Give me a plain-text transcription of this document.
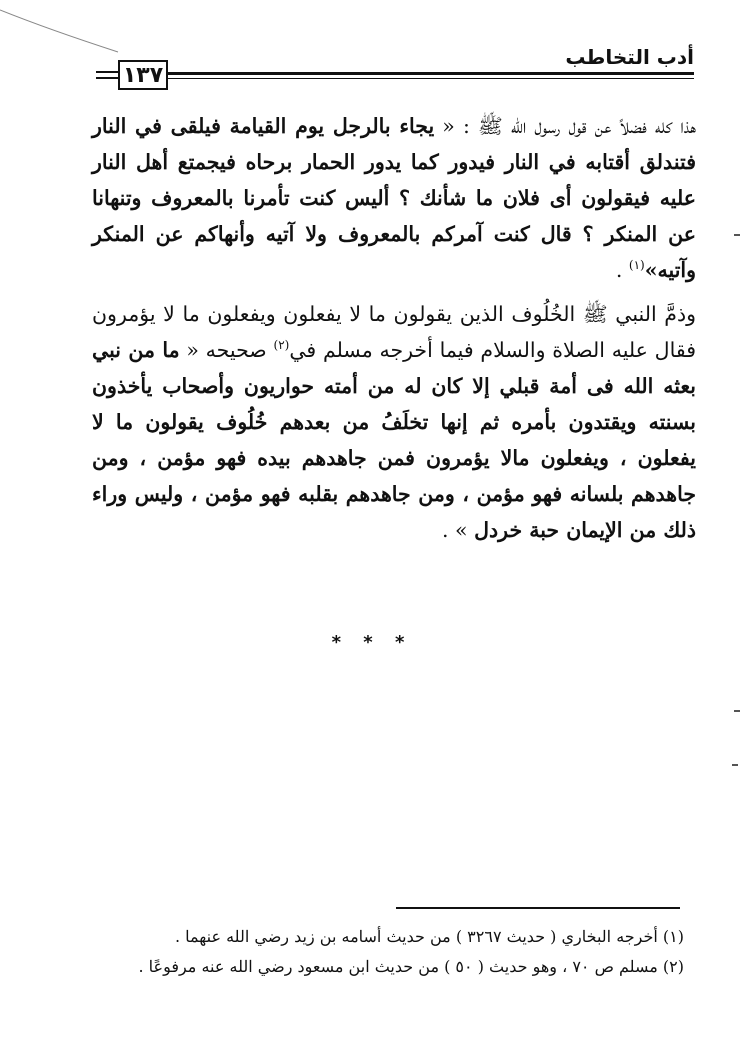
١٣٧
أدب التخاطب

هذا كله فضلاً عن قول رسول الله ﷺ : « يجاء بالرجل يوم القيامة فيلقى في النار فتندلق أقتابه في النار فيدور كما يدور الحمار برحاه فيجمتع أهل النار عليه فيقولون أى فلان ما شأنك ؟ أليس كنت تأمرنا بالمعروف وتنهانا عن المنكر ؟ قال كنت آمركم بالمعروف ولا آتيه وأنهاكم عن المنكر وآتيه»$^{(١)}$ .

وذمَّ النبي ﷺ الخُلُوف الذين يقولون ما لا يفعلون ويفعلون ما لا يؤمرون فقال عليه الصلاة والسلام فيما أخرجه مسلم في$^{(٢)}$ صحيحه « ما من نبي بعثه الله فى أمة قبلي إلا كان له من أمته حواريون وأصحاب يأخذون بسنته ويقتدون بأمره ثم إنها تخلَفُ من بعدهم خُلُوف يقولون ما لا يفعلون ، ويفعلون مالا يؤمرون فمن جاهدهم بيده فهو مؤمن ، ومن جاهدهم بلسانه فهو مؤمن ، ومن جاهدهم بقلبه فهو مؤمن ، وليس وراء ذلك من الإيمان حبة خردل » .

* * *
(١) أخرجه البخاري ( حديث ٣٢٦٧ ) من حديث أسامه بن زيد رضي الله عنهما .
(٢) مسلم ص ٧٠ ، وهو حديث ( ٥٠ ) من حديث ابن مسعود رضي الله عنه مرفوعًا .
